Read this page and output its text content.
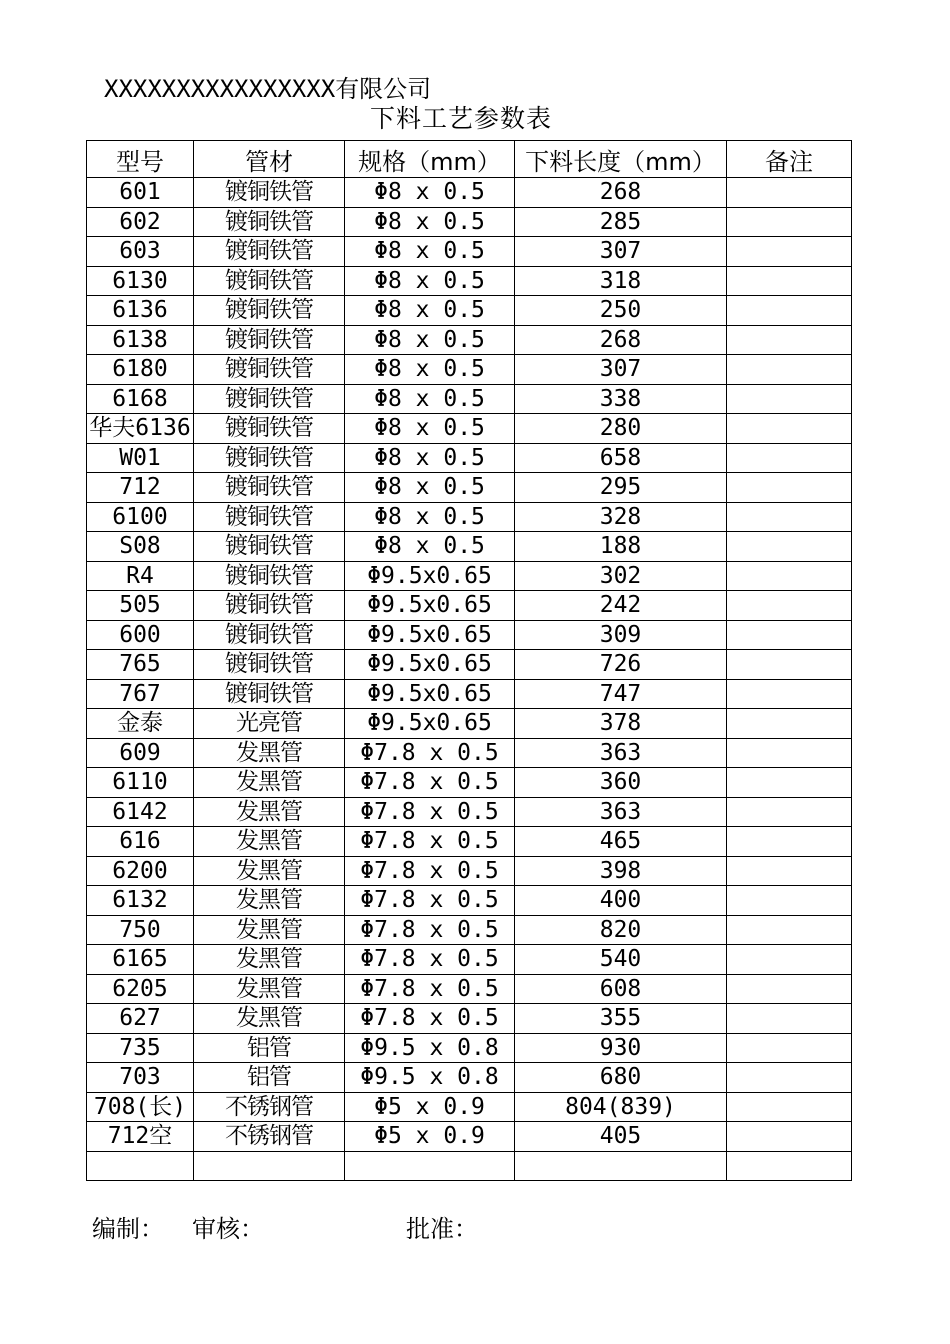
XXXXXXXXXXXXXXXX有限公司
下料工艺参数表
型号	管材	规格（mm）	下料长度（mm）	备注
601	镀铜铁管	Φ8 x 0.5	268	
602	镀铜铁管	Φ8 x 0.5	285	
603	镀铜铁管	Φ8 x 0.5	307	
6130	镀铜铁管	Φ8 x 0.5	318	
6136	镀铜铁管	Φ8 x 0.5	250	
6138	镀铜铁管	Φ8 x 0.5	268	
6180	镀铜铁管	Φ8 x 0.5	307	
6168	镀铜铁管	Φ8 x 0.5	338	
华夫6136	镀铜铁管	Φ8 x 0.5	280	
W01	镀铜铁管	Φ8 x 0.5	658	
712	镀铜铁管	Φ8 x 0.5	295	
6100	镀铜铁管	Φ8 x 0.5	328	
S08	镀铜铁管	Φ8 x 0.5	188	
R4	镀铜铁管	Φ9.5x0.65	302	
505	镀铜铁管	Φ9.5x0.65	242	
600	镀铜铁管	Φ9.5x0.65	309	
765	镀铜铁管	Φ9.5x0.65	726	
767	镀铜铁管	Φ9.5x0.65	747	
金泰	光亮管	Φ9.5x0.65	378	
609	发黑管	Φ7.8 x 0.5	363	
6110	发黑管	Φ7.8 x 0.5	360	
6142	发黑管	Φ7.8 x 0.5	363	
616	发黑管	Φ7.8 x 0.5	465	
6200	发黑管	Φ7.8 x 0.5	398	
6132	发黑管	Φ7.8 x 0.5	400	
750	发黑管	Φ7.8 x 0.5	820	
6165	发黑管	Φ7.8 x 0.5	540	
6205	发黑管	Φ7.8 x 0.5	608	
627	发黑管	Φ7.8 x 0.5	355	
735	铝管	Φ9.5 x 0.8	930	
703	铝管	Φ9.5 x 0.8	680	
708(长)	不锈钢管	Φ5 x 0.9	804(839)	
712空	不锈钢管	Φ5 x 0.9	405	

编制： 审核：	批准：
